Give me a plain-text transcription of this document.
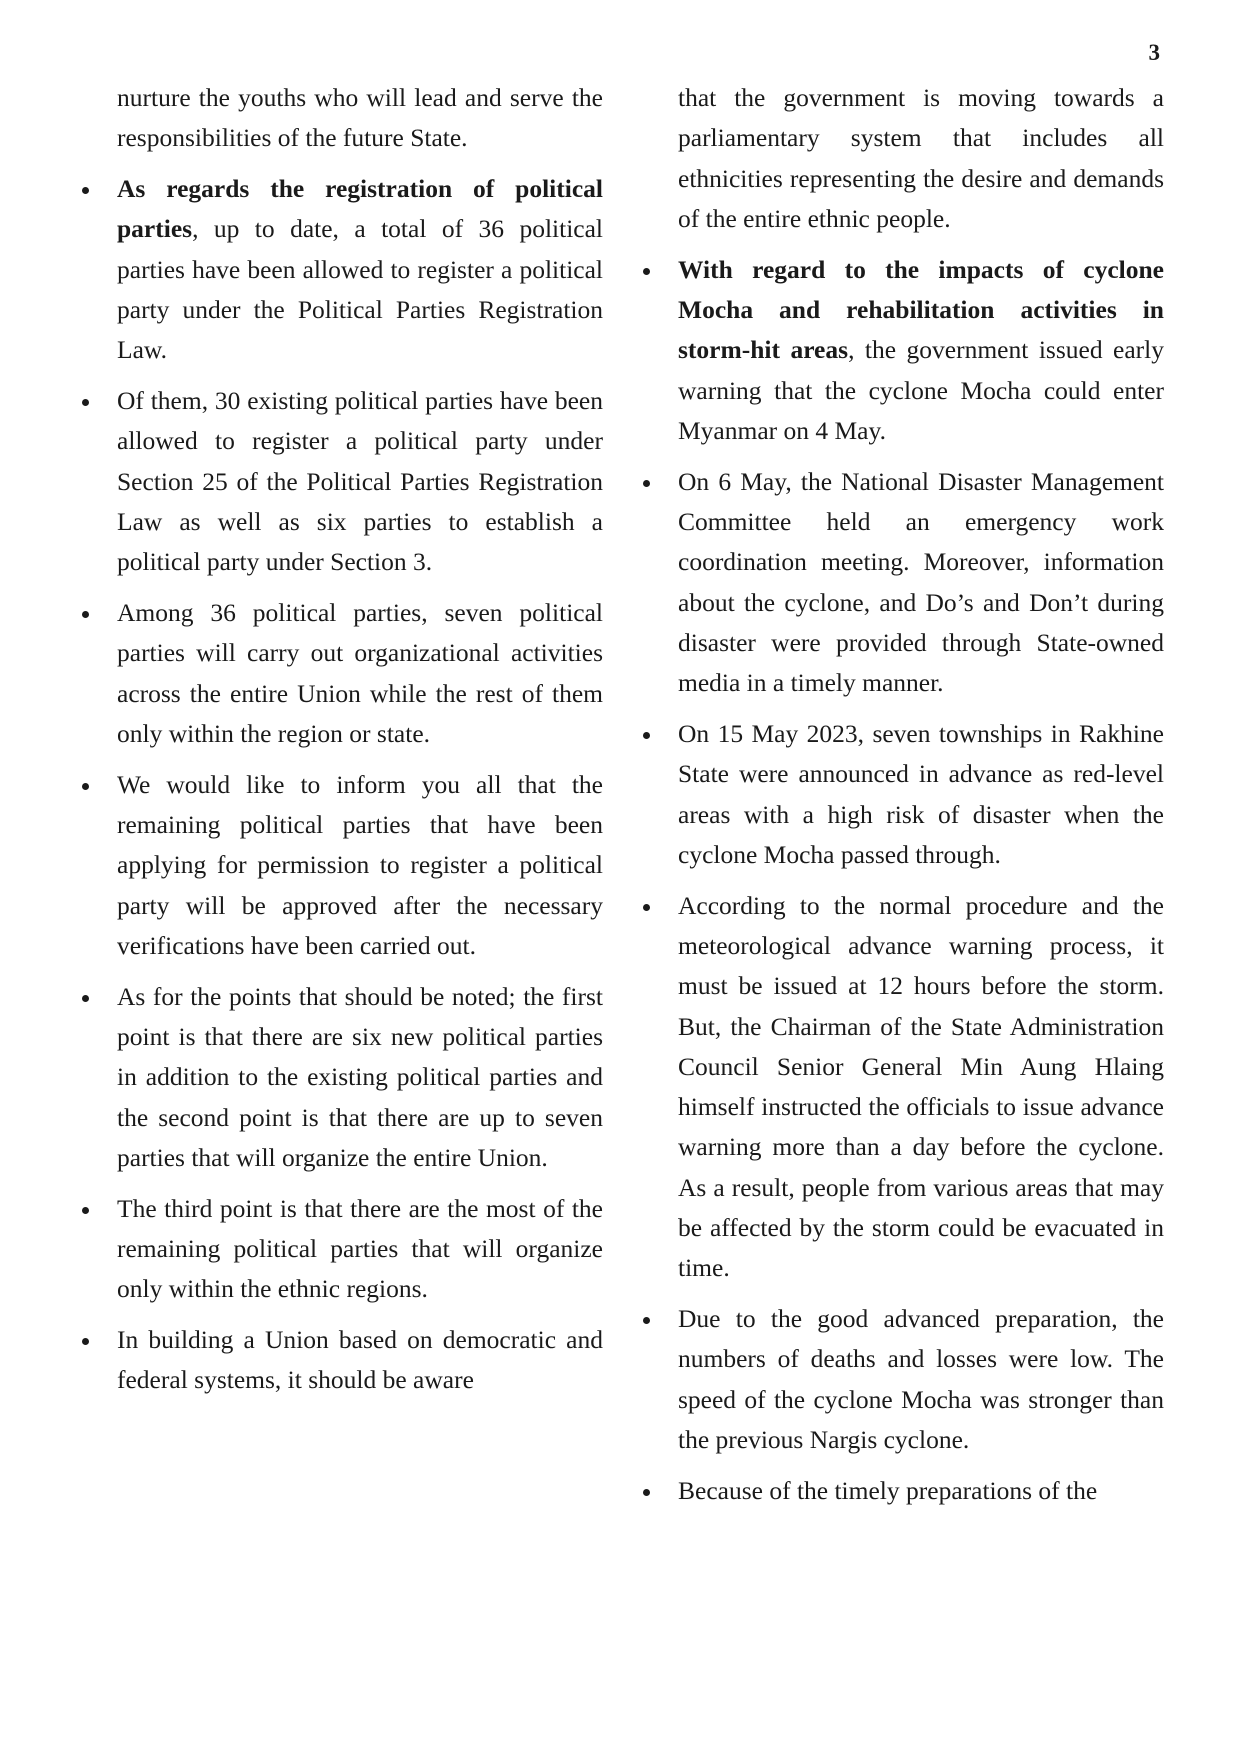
3

nurture the youths who will lead and serve the responsibilities of the future State.

As regards the registration of political parties, up to date, a total of 36 political parties have been allowed to register a political party under the Political Parties Registration Law.
Of them, 30 existing political parties have been allowed to register a political party under Section 25 of the Political Parties Registration Law as well as six parties to establish a political party under Section 3.
Among 36 political parties, seven political parties will carry out organizational activities across the entire Union while the rest of them only within the region or state.
We would like to inform you all that the remaining political parties that have been applying for permission to register a political party will be approved after the necessary verifications have been carried out.
As for the points that should be noted; the first point is that there are six new political parties in addition to the existing political parties and the second point is that there are up to seven parties that will organize the entire Union.
The third point is that there are the most of the remaining political parties that will organize only within the ethnic regions.
In building a Union based on democratic and federal systems, it should be aware

that the government is moving towards a parliamentary system that includes all ethnicities representing the desire and demands of the entire ethnic people.

With regard to the impacts of cyclone Mocha and rehabilitation activities in storm-hit areas, the government issued early warning that the cyclone Mocha could enter Myanmar on 4 May.
On 6 May, the National Disaster Management Committee held an emergency work coordination meeting. Moreover, information about the cyclone, and Do’s and Don’t during disaster were provided through State-owned media in a timely manner.
On 15 May 2023, seven townships in Rakhine State were announced in advance as red-level areas with a high risk of disaster when the cyclone Mocha passed through.
According to the normal procedure and the meteorological advance warning process, it must be issued at 12 hours before the storm. But, the Chairman of the State Administration Council Senior General Min Aung Hlaing himself instructed the officials to issue advance warning more than a day before the cyclone. As a result, people from various areas that may be affected by the storm could be evacuated in time.
Due to the good advanced preparation, the numbers of deaths and losses were low. The speed of the cyclone Mocha was stronger than the previous Nargis cyclone.
Because of the timely preparations of the
